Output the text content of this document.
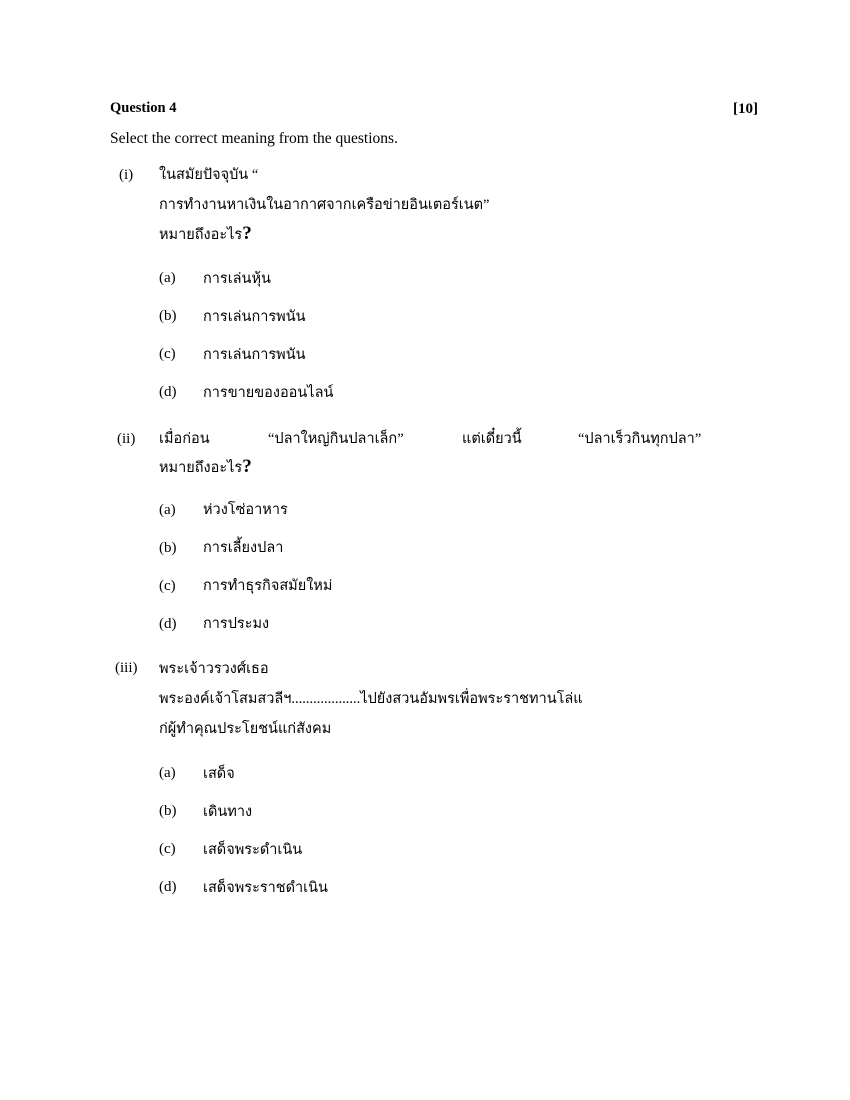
Question 4	[10]
Select the correct meaning from the questions.
(i) ในสมัยปัจจุบัน “
การทำงานหาเงินในอากาศจากเครือข่ายอินเตอร์เนต”
หมายถึงอะไร?
(a) การเล่นหุ้น
(b) การเล่นการพนัน
(c) การเล่นการพนัน
(d) การขายของออนไลน์
(ii) เมื่อก่อน	“ปลาใหญ่กินปลาเล็ก”	แต่เดี๋ยวนี้	“ปลาเร็วกินทุกปลา”
หมายถึงอะไร?
(a) ห่วงโซ่อาหาร
(b) การเลี้ยงปลา
(c) การทำธุรกิจสมัยใหม่
(d) การประมง
(iii) พระเจ้าวรวงศ์เธอ
พระองค์เจ้าโสมสวลีฯ...................ไปยังสวนอัมพรเพื่อพระราชทานโล่แ
ก่ผู้ทำคุณประโยชน์แก่สังคม
(a) เสด็จ
(b) เดินทาง
(c) เสด็จพระดำเนิน
(d) เสด็จพระราชดำเนิน
